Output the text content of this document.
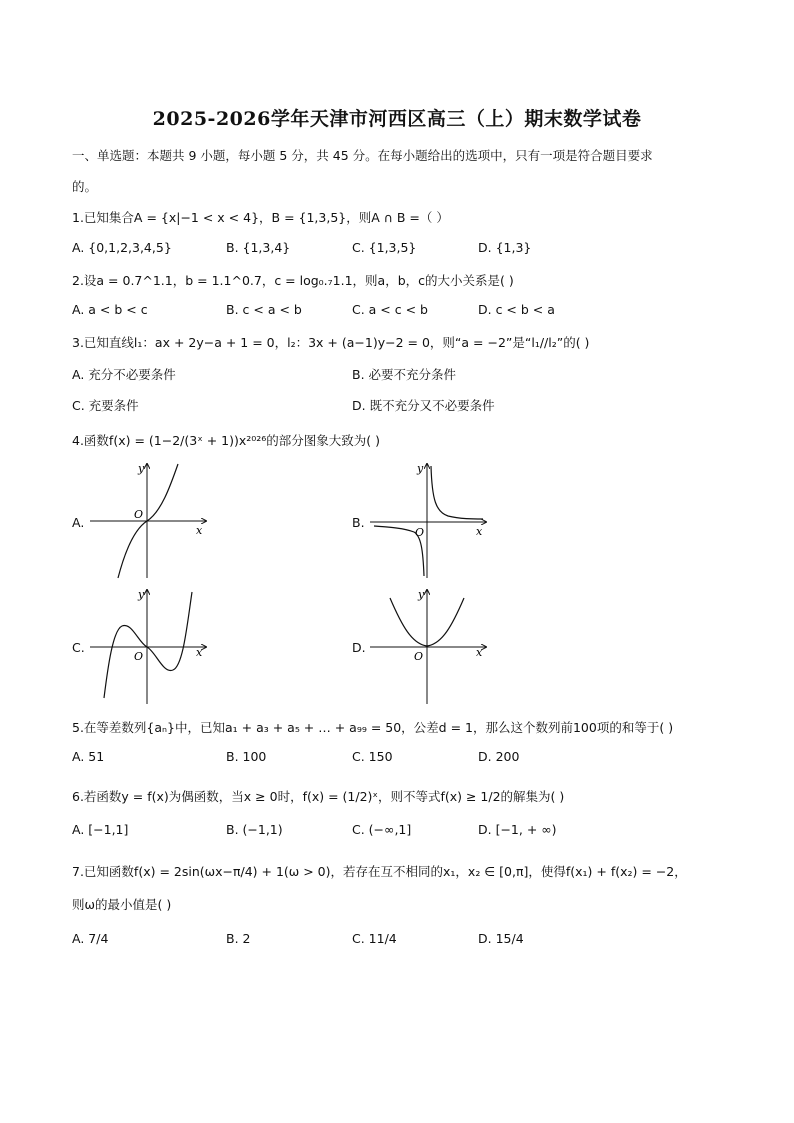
2025-2026学年天津市河西区高三（上）期末数学试卷
一、单选题：本题共 9 小题，每小题 5 分，共 45 分。在每小题给出的选项中，只有一项是符合题目要求
的。
1.已知集合A = {x|−1 < x < 4}，B = {1,3,5}，则A ∩ B =（ ）
A. {0,1,2,3,4,5}	B. {1,3,4}	C. {1,3,5}	D. {1,3}
2.设a = 0.7^1.1，b = 1.1^0.7，c = log₀.₇1.1，则a，b，c的大小关系是( )
A. a < b < c	B. c < a < b	C. a < c < b	D. c < b < a
3.已知直线l₁：ax + 2y−a + 1 = 0，l₂：3x + (a−1)y−2 = 0，则“a = −2”是“l₁//l₂”的( )
A. 充分不必要条件	B. 必要不充分条件
C. 充要条件	D. 既不充分又不必要条件
4.函数f(x) = (1−2/(3ˣ + 1))x²⁰²⁶的部分图象大致为( )
A.	B.
C.	D.
y
x
O
y
x
O
y
x
O
y
x
O
5.在等差数列{aₙ}中，已知a₁ + a₃ + a₅ + … + a₉₉ = 50，公差d = 1，那么这个数列前100项的和等于( )
A. 51	B. 100	C. 150	D. 200
6.若函数y = f(x)为偶函数，当x ≥ 0时，f(x) = (1/2)ˣ，则不等式f(x) ≥ 1/2的解集为( )
A. [−1,1]	B. (−1,1)	C. (−∞,1]	D. [−1, + ∞)
7.已知函数f(x) = 2sin(ωx−π/4) + 1(ω > 0)，若存在互不相同的x₁，x₂ ∈ [0,π]，使得f(x₁) + f(x₂) = −2，
则ω的最小值是( )
A. 7/4	B. 2	C. 11/4	D. 15/4
